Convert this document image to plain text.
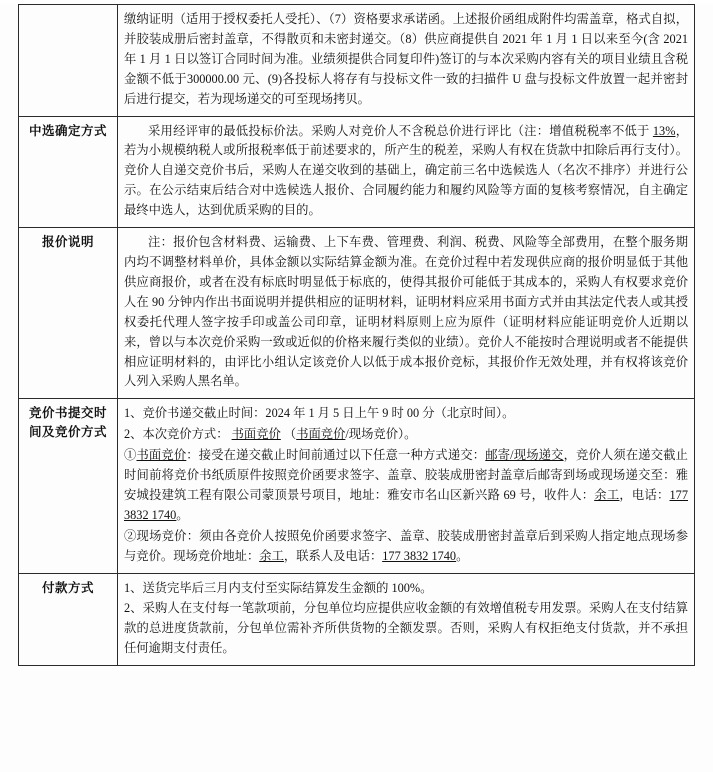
	缴纳证明（适用于授权委托人受托）、（7）资格要求承诺函。上述报价函组成附件均需盖章，格式自拟，并胶装成册后密封盖章，不得散页和未密封递交。（8）供应商提供自 2021 年 1 月 1 日以来至今(含 2021 年 1 月 1 日以签订合同时间为准。业绩须提供合同复印件)签订的与本次采购内容有关的项目业绩且含税金额不低于300000.00 元、(9)各投标人将存有与投标文件一致的扫描件 U 盘与投标文件放置一起并密封后进行提交，若为现场递交的可至现场拷贝。

中选确定方式	采用经评审的最低投标价法。采购人对竞价人不含税总价进行评比（注：增值税税率不低于 13%，若为小规模纳税人或所报税率低于前述要求的，所产生的税差，采购人有权在货款中扣除后再行支付）。竞价人自递交竞价书后，采购人在递交收到的基础上，确定前三名中选候选人（名次不排序）并进行公示。在公示结束后结合对中选候选人报价、合同履约能力和履约风险等方面的复核考察情况，自主确定最终中选人，达到优质采购的目的。

报价说明	注：报价包含材料费、运输费、上下车费、管理费、利润、税费、风险等全部费用，在整个服务期内均不调整材料单价，具体金额以实际结算金额为准。在竞价过程中若发现供应商的报价明显低于其他供应商报价，或者在没有标底时明显低于标底的，使得其报价可能低于其成本的，采购人有权要求竞价人在 90 分钟内作出书面说明并提供相应的证明材料，证明材料应采用书面方式并由其法定代表人或其授权委托代理人签字按手印或盖公司印章，证明材料原则上应为原件（证明材料应能证明竞价人近期以来，曾以与本次竞价采购一致或近似的价格来履行类似的业绩）。竞价人不能按时合理说明或者不能提供相应证明材料的，由评比小组认定该竞价人以低于成本报价竞标，其报价作无效处理，并有权将该竞价人列入采购人黑名单。

竞价书提交时间及竞价方式	1、竞价书递交截止时间：2024 年 1 月 5 日上午 9 时 00 分（北京时间）。

2、本次竞价方式： 书面竞价 （书面竞价/现场竞价）。

①书面竞价：接受在递交截止时间前通过以下任意一种方式递交：邮寄/现场递交，竞价人须在递交截止时间前将竞价书纸质原件按照竞价函要求签字、盖章、胶装成册密封盖章后邮寄到场或现场递交至：雅安城投建筑工程有限公司蒙顶景号项目，地址：雅安市名山区新兴路 69 号，收件人：余工，电话：177 3832 1740。

②现场竞价：须由各竞价人按照免价函要求签字、盖章、胶装成册密封盖章后到采购人指定地点现场参与竞价。现场竞价地址：余工，联系人及电话：177 3832 1740。

付款方式	1、送货完毕后三月内支付至实际结算发生金额的 100%。

2、采购人在支付每一笔款项前，分包单位均应提供应收金额的有效增值税专用发票。采购人在支付结算款的总进度货款前，分包单位需补齐所供货物的全额发票。否则，采购人有权拒绝支付货款，并不承担任何逾期支付责任。
